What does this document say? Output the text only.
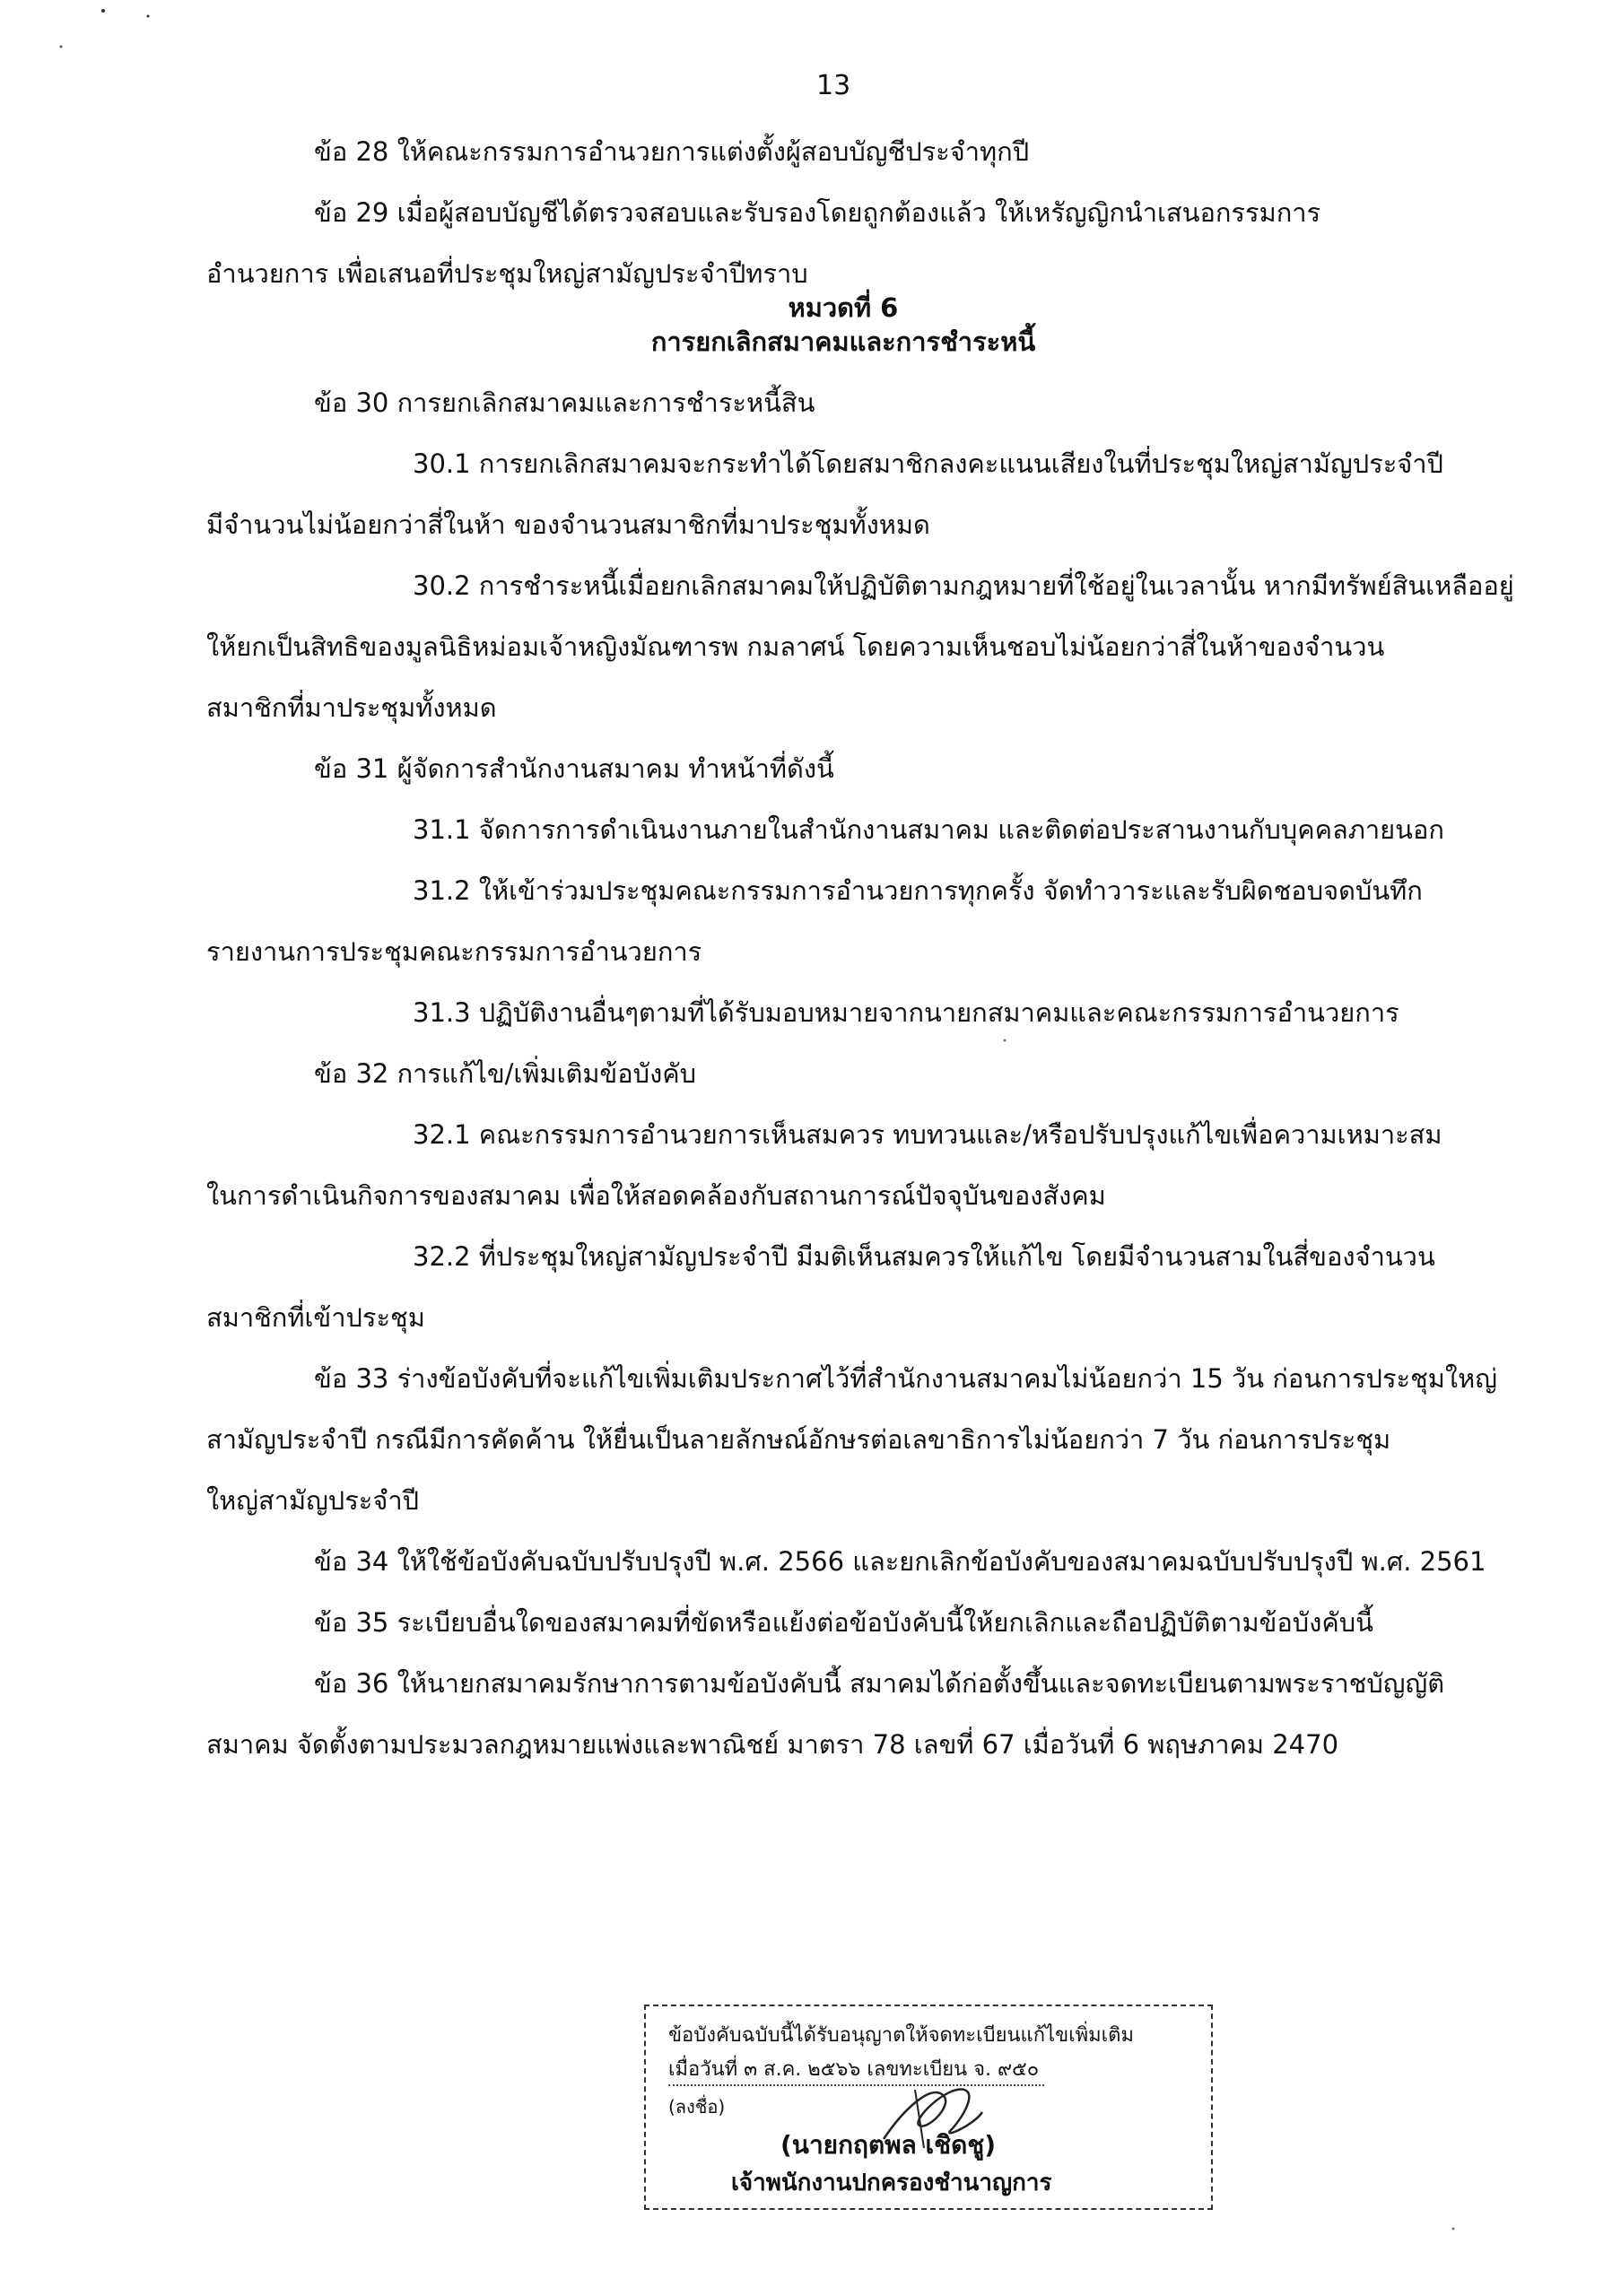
13

ข้อ 28 ให้คณะกรรมการอำนวยการแต่งตั้งผู้สอบบัญชีประจำทุกปี

ข้อ 29 เมื่อผู้สอบบัญชีได้ตรวจสอบและรับรองโดยถูกต้องแล้ว ให้เหรัญญิกนำเสนอกรรมการ

อำนวยการ เพื่อเสนอที่ประชุมใหญ่สามัญประจำปีทราบ

หมวดที่ 6

การยกเลิกสมาคมและการชำระหนี้

ข้อ 30 การยกเลิกสมาคมและการชำระหนี้สิน

30.1 การยกเลิกสมาคมจะกระทำได้โดยสมาชิกลงคะแนนเสียงในที่ประชุมใหญ่สามัญประจำปี

มีจำนวนไม่น้อยกว่าสี่ในห้า ของจำนวนสมาชิกที่มาประชุมทั้งหมด

30.2 การชำระหนี้เมื่อยกเลิกสมาคมให้ปฏิบัติตามกฎหมายที่ใช้อยู่ในเวลานั้น หากมีทรัพย์สินเหลืออยู่

ให้ยกเป็นสิทธิของมูลนิธิหม่อมเจ้าหญิงมัณฑารพ กมลาศน์ โดยความเห็นชอบไม่น้อยกว่าสี่ในห้าของจำนวน

สมาชิกที่มาประชุมทั้งหมด

ข้อ 31 ผู้จัดการสำนักงานสมาคม ทำหน้าที่ดังนี้

31.1 จัดการการดำเนินงานภายในสำนักงานสมาคม และติดต่อประสานงานกับบุคคลภายนอก

31.2 ให้เข้าร่วมประชุมคณะกรรมการอำนวยการทุกครั้ง จัดทำวาระและรับผิดชอบจดบันทึก

รายงานการประชุมคณะกรรมการอำนวยการ

31.3 ปฏิบัติงานอื่นๆตามที่ได้รับมอบหมายจากนายกสมาคมและคณะกรรมการอำนวยการ

ข้อ 32 การแก้ไข/เพิ่มเติมข้อบังคับ

32.1 คณะกรรมการอำนวยการเห็นสมควร ทบทวนและ/หรือปรับปรุงแก้ไขเพื่อความเหมาะสม

ในการดำเนินกิจการของสมาคม เพื่อให้สอดคล้องกับสถานการณ์ปัจจุบันของสังคม

32.2 ที่ประชุมใหญ่สามัญประจำปี มีมติเห็นสมควรให้แก้ไข โดยมีจำนวนสามในสี่ของจำนวน

สมาชิกที่เข้าประชุม

ข้อ 33 ร่างข้อบังคับที่จะแก้ไขเพิ่มเติมประกาศไว้ที่สำนักงานสมาคมไม่น้อยกว่า 15 วัน ก่อนการประชุมใหญ่

สามัญประจำปี กรณีมีการคัดค้าน ให้ยื่นเป็นลายลักษณ์อักษรต่อเลขาธิการไม่น้อยกว่า 7 วัน ก่อนการประชุม

ใหญ่สามัญประจำปี

ข้อ 34 ให้ใช้ข้อบังคับฉบับปรับปรุงปี พ.ศ. 2566 และยกเลิกข้อบังคับของสมาคมฉบับปรับปรุงปี พ.ศ. 2561

ข้อ 35 ระเบียบอื่นใดของสมาคมที่ขัดหรือแย้งต่อข้อบังคับนี้ให้ยกเลิกและถือปฏิบัติตามข้อบังคับนี้

ข้อ 36 ให้นายกสมาคมรักษาการตามข้อบังคับนี้ สมาคมได้ก่อตั้งขึ้นและจดทะเบียนตามพระราชบัญญัติ

สมาคม จัดตั้งตามประมวลกฎหมายแพ่งและพาณิชย์ มาตรา 78 เลขที่ 67 เมื่อวันที่ 6 พฤษภาคม 2470

ข้อบังคับฉบับนี้ได้รับอนุญาตให้จดทะเบียนแก้ไขเพิ่มเติม
เมื่อวันที่ ๓ ส.ค. ๒๕๖๖ เลขทะเบียน จ. ๙๕๐
(ลงชื่อ)
(นายกฤตพล เชิดชู)
เจ้าพนักงานปกครองชำนาญการ
